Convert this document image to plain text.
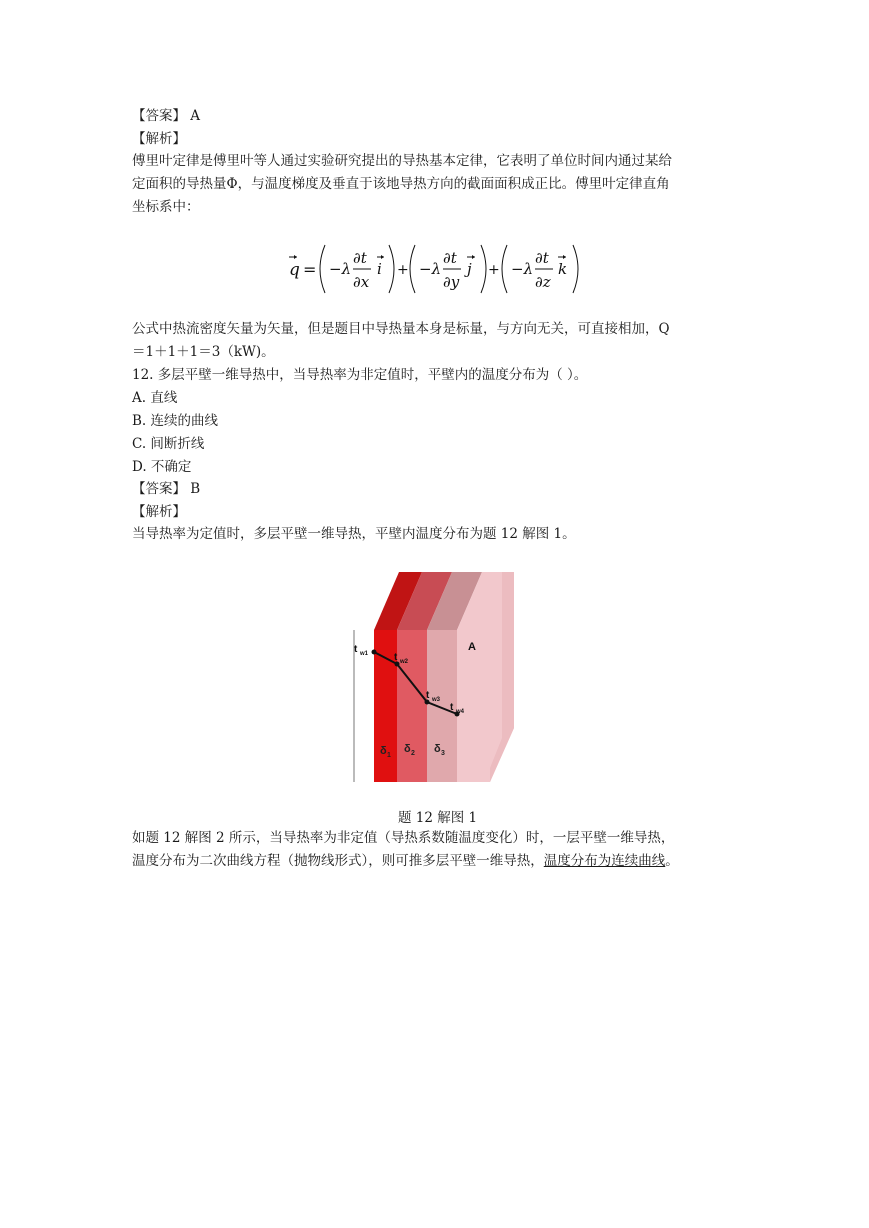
【答案】 A
【解析】
傅里叶定律是傅里叶等人通过实验研究提出的导热基本定律，它表明了单位时间内通过某给
定面积的导热量Φ，与温度梯度及垂直于该地导热方向的截面面积成正比。傅里叶定律直角
坐标系中：
q = −λ
∂t
∂x
i + −λ
∂t
∂y
j + −λ
∂t
∂z
k
公式中热流密度矢量为矢量，但是题目中导热量本身是标量，与方向无关，可直接相加，Q
＝1＋1＋1＝3（kW)。
12. 多层平壁一维导热中，当导热率为非定值时，平壁内的温度分布为（ ）。
A. 直线
B. 连续的曲线
C. 间断折线
D. 不确定
【答案】 B
【解析】
当导热率为定值时，多层平壁一维导热，平壁内温度分布为题 12 解图 1。
A
t w1	t w2
t w3
t w4
δ 1
δ 2 δ 3
题 12 解图 1
如题 12 解图 2 所示，当导热率为非定值（导热系数随温度变化）时，一层平壁一维导热，
温度分布为二次曲线方程（抛物线形式），则可推多层平壁一维导热，温度分布为连续曲线。
